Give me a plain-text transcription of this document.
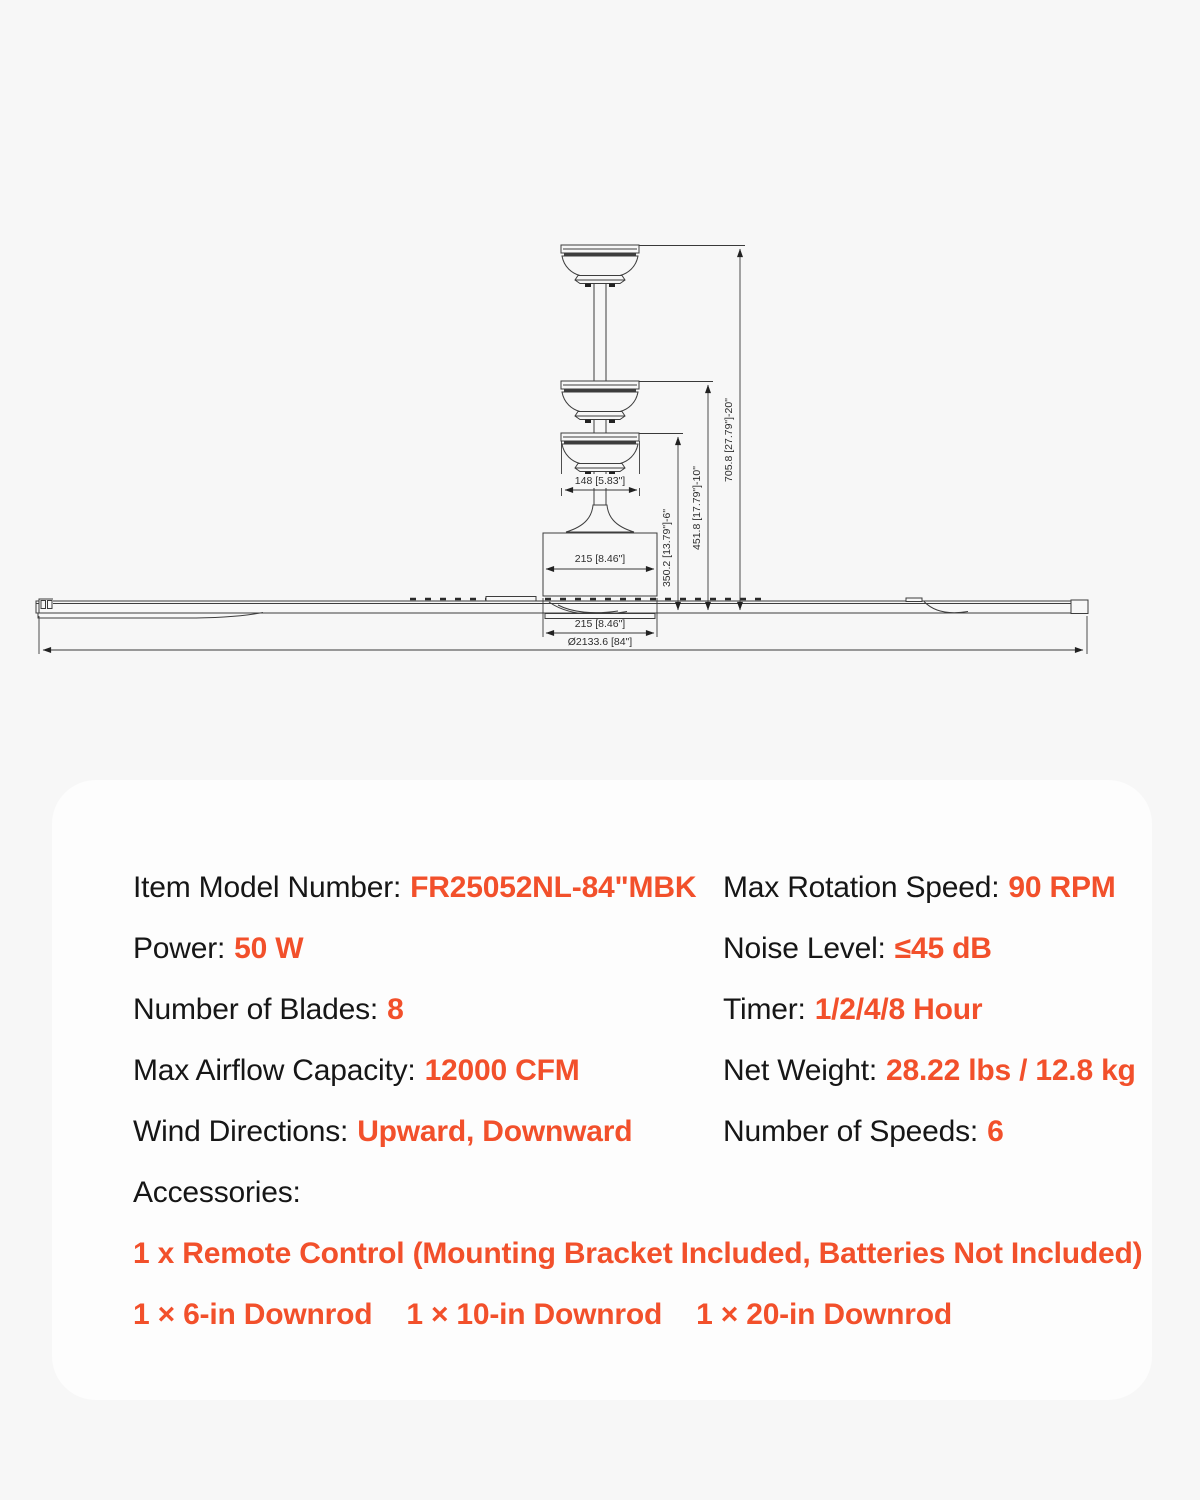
215 [8.46"]
148 [5.83"]
215 [8.46"]
Ø2133.6 [84"]
350.2 [13.79"]-6" 451.8 [17.79"]-10"
705.8 [27.79"]-20"
Item Model Number: FR25052NL-84"MBK Max Rotation Speed: 90 RPM
Power: 50 W	Noise Level: ≤45 dB
Number of Blades: 8	Timer: 1/2/4/8 Hour
Max Airflow Capacity: 12000 CFM	Net Weight: 28.22 lbs / 12.8 kg
Wind Directions: Upward, Downward	Number of Speeds: 6
Accessories:
1 x Remote Control (Mounting Bracket Included, Batteries Not Included)
1 × 6-in Downrod 1 × 10-in Downrod 1 × 20-in Downrod
